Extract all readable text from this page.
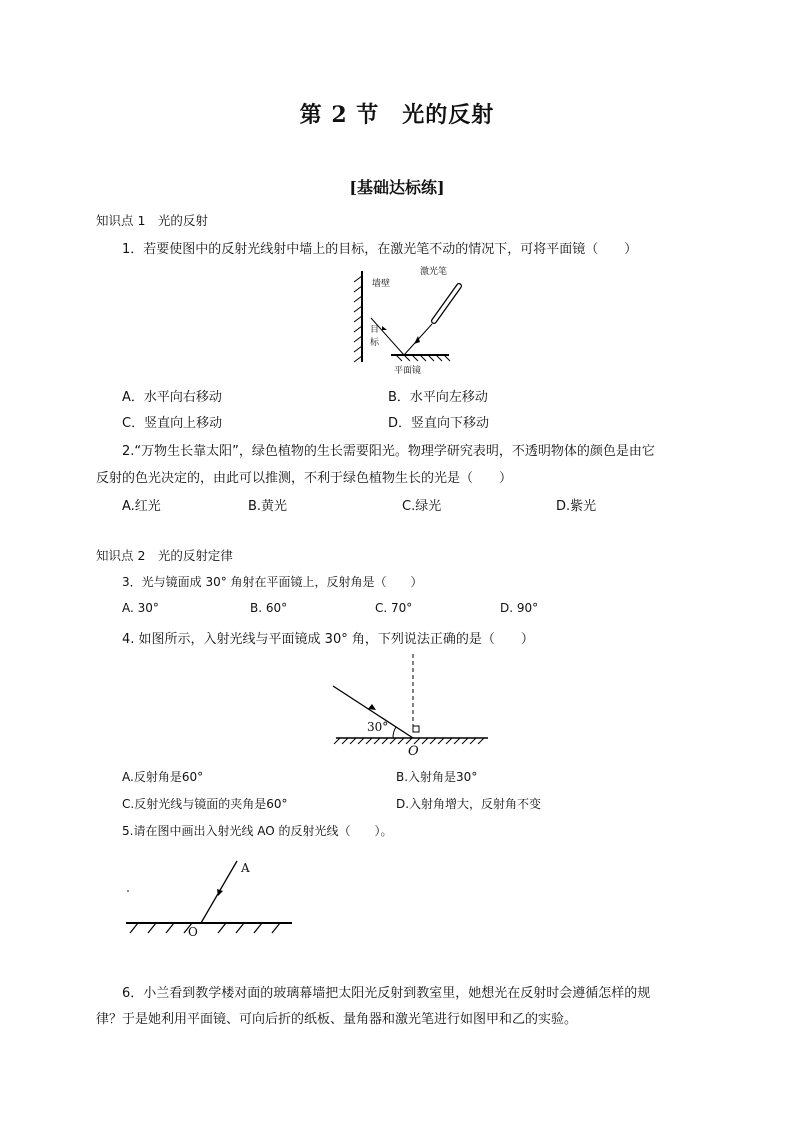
第 2 节　光的反射
[基础达标练]
知识点 1　光的反射
1．若要使图中的反射光线射中墙上的目标，在激光笔不动的情况下，可将平面镜（　　）
墙壁
激光笔
目
标
平面镜
A．水平向右移动	B．水平向左移动
C．竖直向上移动	D．竖直向下移动
2.“万物生长靠太阳”，绿色植物的生长需要阳光。物理学研究表明，不透明物体的颜色是由它
反射的色光决定的，由此可以推测，不利于绿色植物生长的光是（　　）
A.红光	B.黄光	C.绿光	D.紫光
知识点 2　光的反射定律
3．光与镜面成 30° 角射在平面镜上，反射角是（　　）
A. 30°	B. 60°	C. 70°	D. 90°
4. 如图所示，入射光线与平面镜成 30° 角，下列说法正确的是（　　）
30°
O
A.反射角是60°	B.入射角是30°
C.反射光线与镜面的夹角是60°	D.入射角增大，反射角不变
5.请在图中画出入射光线 AO 的反射光线（　　）。
A
O
6．小兰看到教学楼对面的玻璃幕墙把太阳光反射到教室里，她想光在反射时会遵循怎样的规
律？于是她利用平面镜、可向后折的纸板、量角器和激光笔进行如图甲和乙的实验。
